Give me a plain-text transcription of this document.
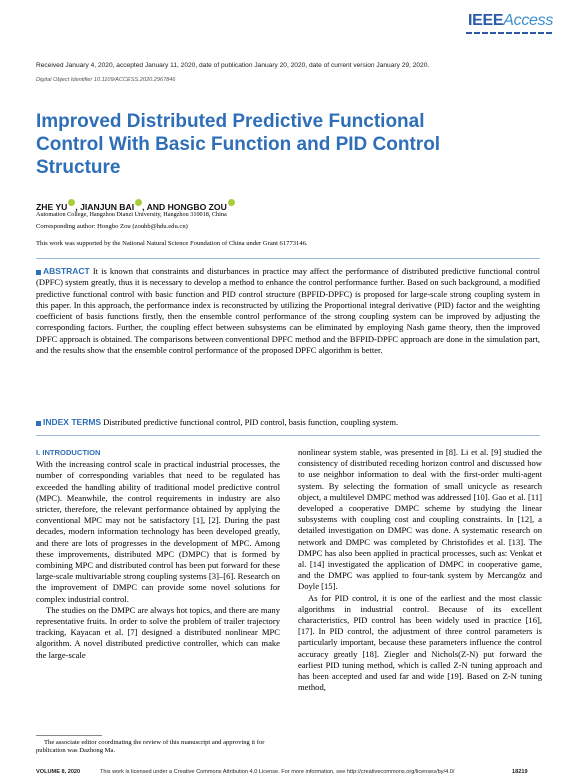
IEEEAccess
Received January 4, 2020, accepted January 11, 2020, date of publication January 20, 2020, date of current version January 29, 2020.
Digital Object Identifier 10.1109/ACCESS.2020.2967846
Improved Distributed Predictive Functional Control With Basic Function and PID Control Structure
ZHE YU , JIANJUN BAI , AND HONGBO ZOU
Automation College, Hangzhou Dianzi University, Hangzhou 310018, China
Corresponding author: Hongbo Zou (zouhb@hdu.edu.cn)
This work was supported by the National Natural Science Foundation of China under Grant 61773146.
ABSTRACT It is known that constraints and disturbances in practice may affect the performance of distributed predictive functional control (DPFC) system greatly, thus it is necessary to develop a method to enhance the control performance further. Based on such background, a modified predictive functional control with basic function and PID control structure (BPFID-DPFC) is proposed for large-scale strong coupling system in this paper. In this approach, the performance index is reconstructed by utilizing the Proportional integral derivative (PID) factor and the weighting coefficient of basis functions firstly, then the ensemble control performance of the strong coupling system can be improved by adjusting the corresponding factors. Further, the coupling effect between subsystems can be eliminated by employing Nash game theory, then the improved DPFC approach is obtained. The comparisons between conventional DPFC method and the BFPID-DPFC approach are done in the simulation part, and the results show that the ensemble control performance of the proposed DPFC algorithm is better.
INDEX TERMS Distributed predictive functional control, PID control, basis function, coupling system.
I. INTRODUCTION

With the increasing control scale in practical industrial processes, the number of corresponding variables that need to be regulated has exceeded the handling ability of traditional model predictive control (MPC). Meanwhile, the control requirements in industry are also stricter, therefore, the relevant performance obtained by applying the conventional MPC may not be satisfactory [1], [2]. During the past decades, modern information technology has been developed greatly, and there are lots of progresses in the development of MPC. Among these improvements, distributed MPC (DMPC) that is formed by combining MPC and distributed control has been put forward for these large-scale multivariable strong coupling systems [3]–[6]. Research on the improvement of DMPC can provide some novel solutions for complex industrial control.

The studies on the DMPC are always hot topics, and there are many representative fruits. In order to solve the problem of trailer trajectory tracking, Kayacan et al. [7] designed a distributed nonlinear MPC algorithm. A novel distributed predictive controller, which can make the large-scale

nonlinear system stable, was presented in [8]. Li et al. [9] studied the consistency of distributed receding horizon control and discussed how to use neighbor information to deal with the first-order multi-agent system. By selecting the formation of small unicycle as research object, a multilevel DMPC method was addressed [10]. Gao et al. [11] developed a cooperative DMPC scheme by studying the linear subsystems with coupling cost and coupling constraints. In [12], a detailed investigation on DMPC was done. A systematic research on network and DMPC was completed by Christofides et al. [13]. The DMPC has also been applied in practical processes, such as: Venkat et al. [14] investigated the application of DMPC in cooperative game, and the DMPC was applied to four-tank system by Mercangöz and Doyle [15].

As for PID control, it is one of the earliest and the most classic algorithms in industrial control. Because of its excellent characteristics, PID control has been widely used in practice [16], [17]. In PID control, the adjustment of three control parameters is particularly important, because these parameters influence the control accuracy greatly [18]. Ziegler and Nichols(Z-N) put forward the earliest PID tuning method, which is called Z-N tuning approach and has been accepted and used far and wide [19]. Based on Z-N tuning method,

The associate editor coordinating the review of this manuscript and approving it for publication was Dazhong Ma.
VOLUME 8, 2020	This work is licensed under a Creative Commons Attribution 4.0 License. For more information, see http://creativecommons.org/licenses/by/4.0/	18219
